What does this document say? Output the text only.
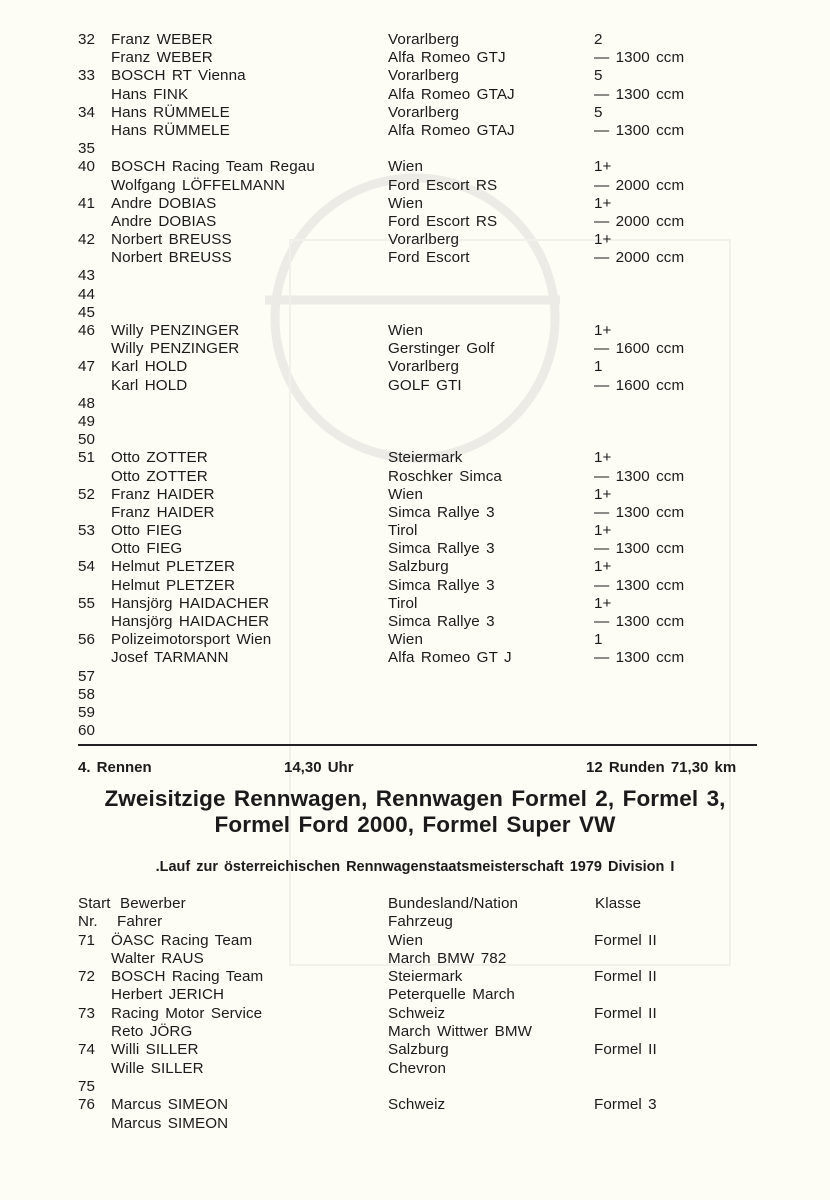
32 Franz WEBER	Vorarlberg	2
Franz WEBER	Alfa Romeo GTJ	— 1300 ccm
33 BOSCH RT Vienna	Vorarlberg	5
Hans FINK	Alfa Romeo GTAJ	— 1300 ccm
34 Hans RÜMMELE	Vorarlberg	5
Hans RÜMMELE	Alfa Romeo GTAJ	— 1300 ccm
35
40 BOSCH Racing Team Regau	Wien	1+
Wolfgang LÖFFELMANN	Ford Escort RS	— 2000 ccm
41 Andre DOBIAS	Wien	1+
Andre DOBIAS	Ford Escort RS	— 2000 ccm
42 Norbert BREUSS	Vorarlberg	1+
Norbert BREUSS	Ford Escort	— 2000 ccm
43
44
45
46 Willy PENZINGER	Wien	1+
Willy PENZINGER	Gerstinger Golf	— 1600 ccm
47 Karl HOLD	Vorarlberg	1
Karl HOLD	GOLF GTI	— 1600 ccm
48
49
50
51 Otto ZOTTER	Steiermark	1+
Otto ZOTTER	Roschker Simca	— 1300 ccm
52 Franz HAIDER	Wien	1+
Franz HAIDER	Simca Rallye 3	— 1300 ccm
53 Otto FIEG	Tirol	1+
Otto FIEG	Simca Rallye 3	— 1300 ccm
54 Helmut PLETZER	Salzburg	1+
Helmut PLETZER	Simca Rallye 3	— 1300 ccm
55 Hansjörg HAIDACHER	Tirol	1+
Hansjörg HAIDACHER	Simca Rallye 3	— 1300 ccm
56 Polizeimotorsport Wien	Wien	1
Josef TARMANN	Alfa Romeo GT J	— 1300 ccm
57
58
59
60
4. Rennen	14,30 Uhr	12 Runden 71,30 km
Zweisitzige Rennwagen, Rennwagen Formel 2, Formel 3,
Formel Ford 2000, Formel Super VW
.Lauf zur österreichischen Rennwagenstaatsmeisterschaft 1979 Division I
Start Bewerber	Bundesland/Nation	Klasse
Nr. Fahrer	Fahrzeug
71 ÖASC Racing Team	Wien	Formel II
Walter RAUS	March BMW 782
72 BOSCH Racing Team	Steiermark	Formel II
Herbert JERICH	Peterquelle March
73 Racing Motor Service	Schweiz	Formel II
Reto JÖRG	March Wittwer BMW
74 Willi SILLER	Salzburg	Formel II
Wille SILLER	Chevron
75
76 Marcus SIMEON	Schweiz	Formel 3
Marcus SIMEON
